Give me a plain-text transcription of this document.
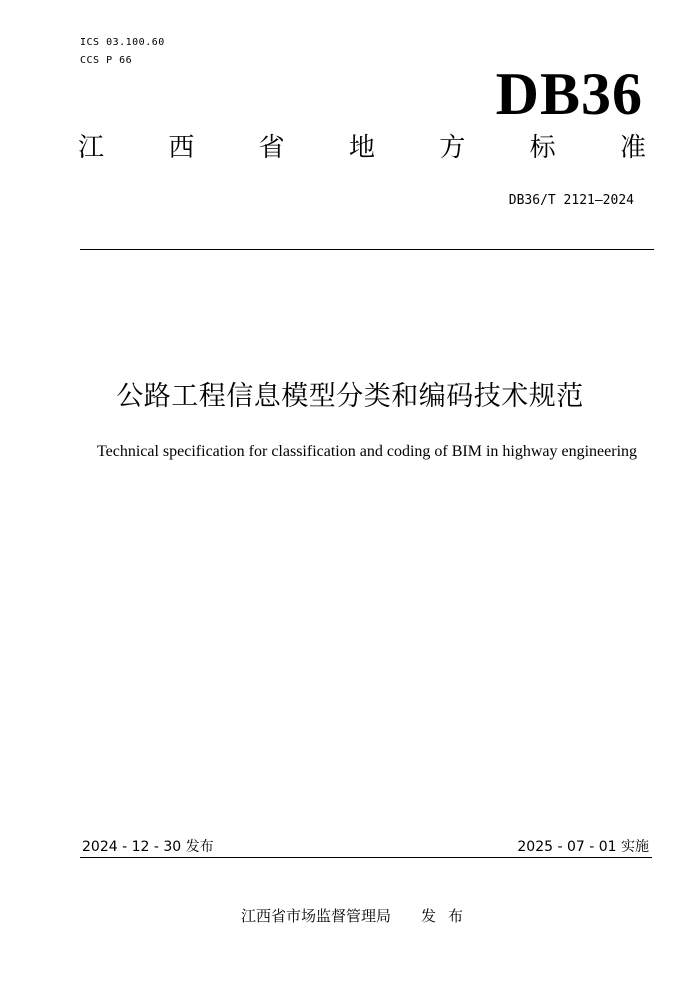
ICS 03.100.60
CCS P 66
DB36
江 西 省 地 方 标 准
DB36/T 2121—2024
公路工程信息模型分类和编码技术规范
Technical specification for classification and coding of BIM in highway engineering
2024 - 12 - 30 发布	2025 - 07 - 01 实施
江西省市场监督管理局 发布
